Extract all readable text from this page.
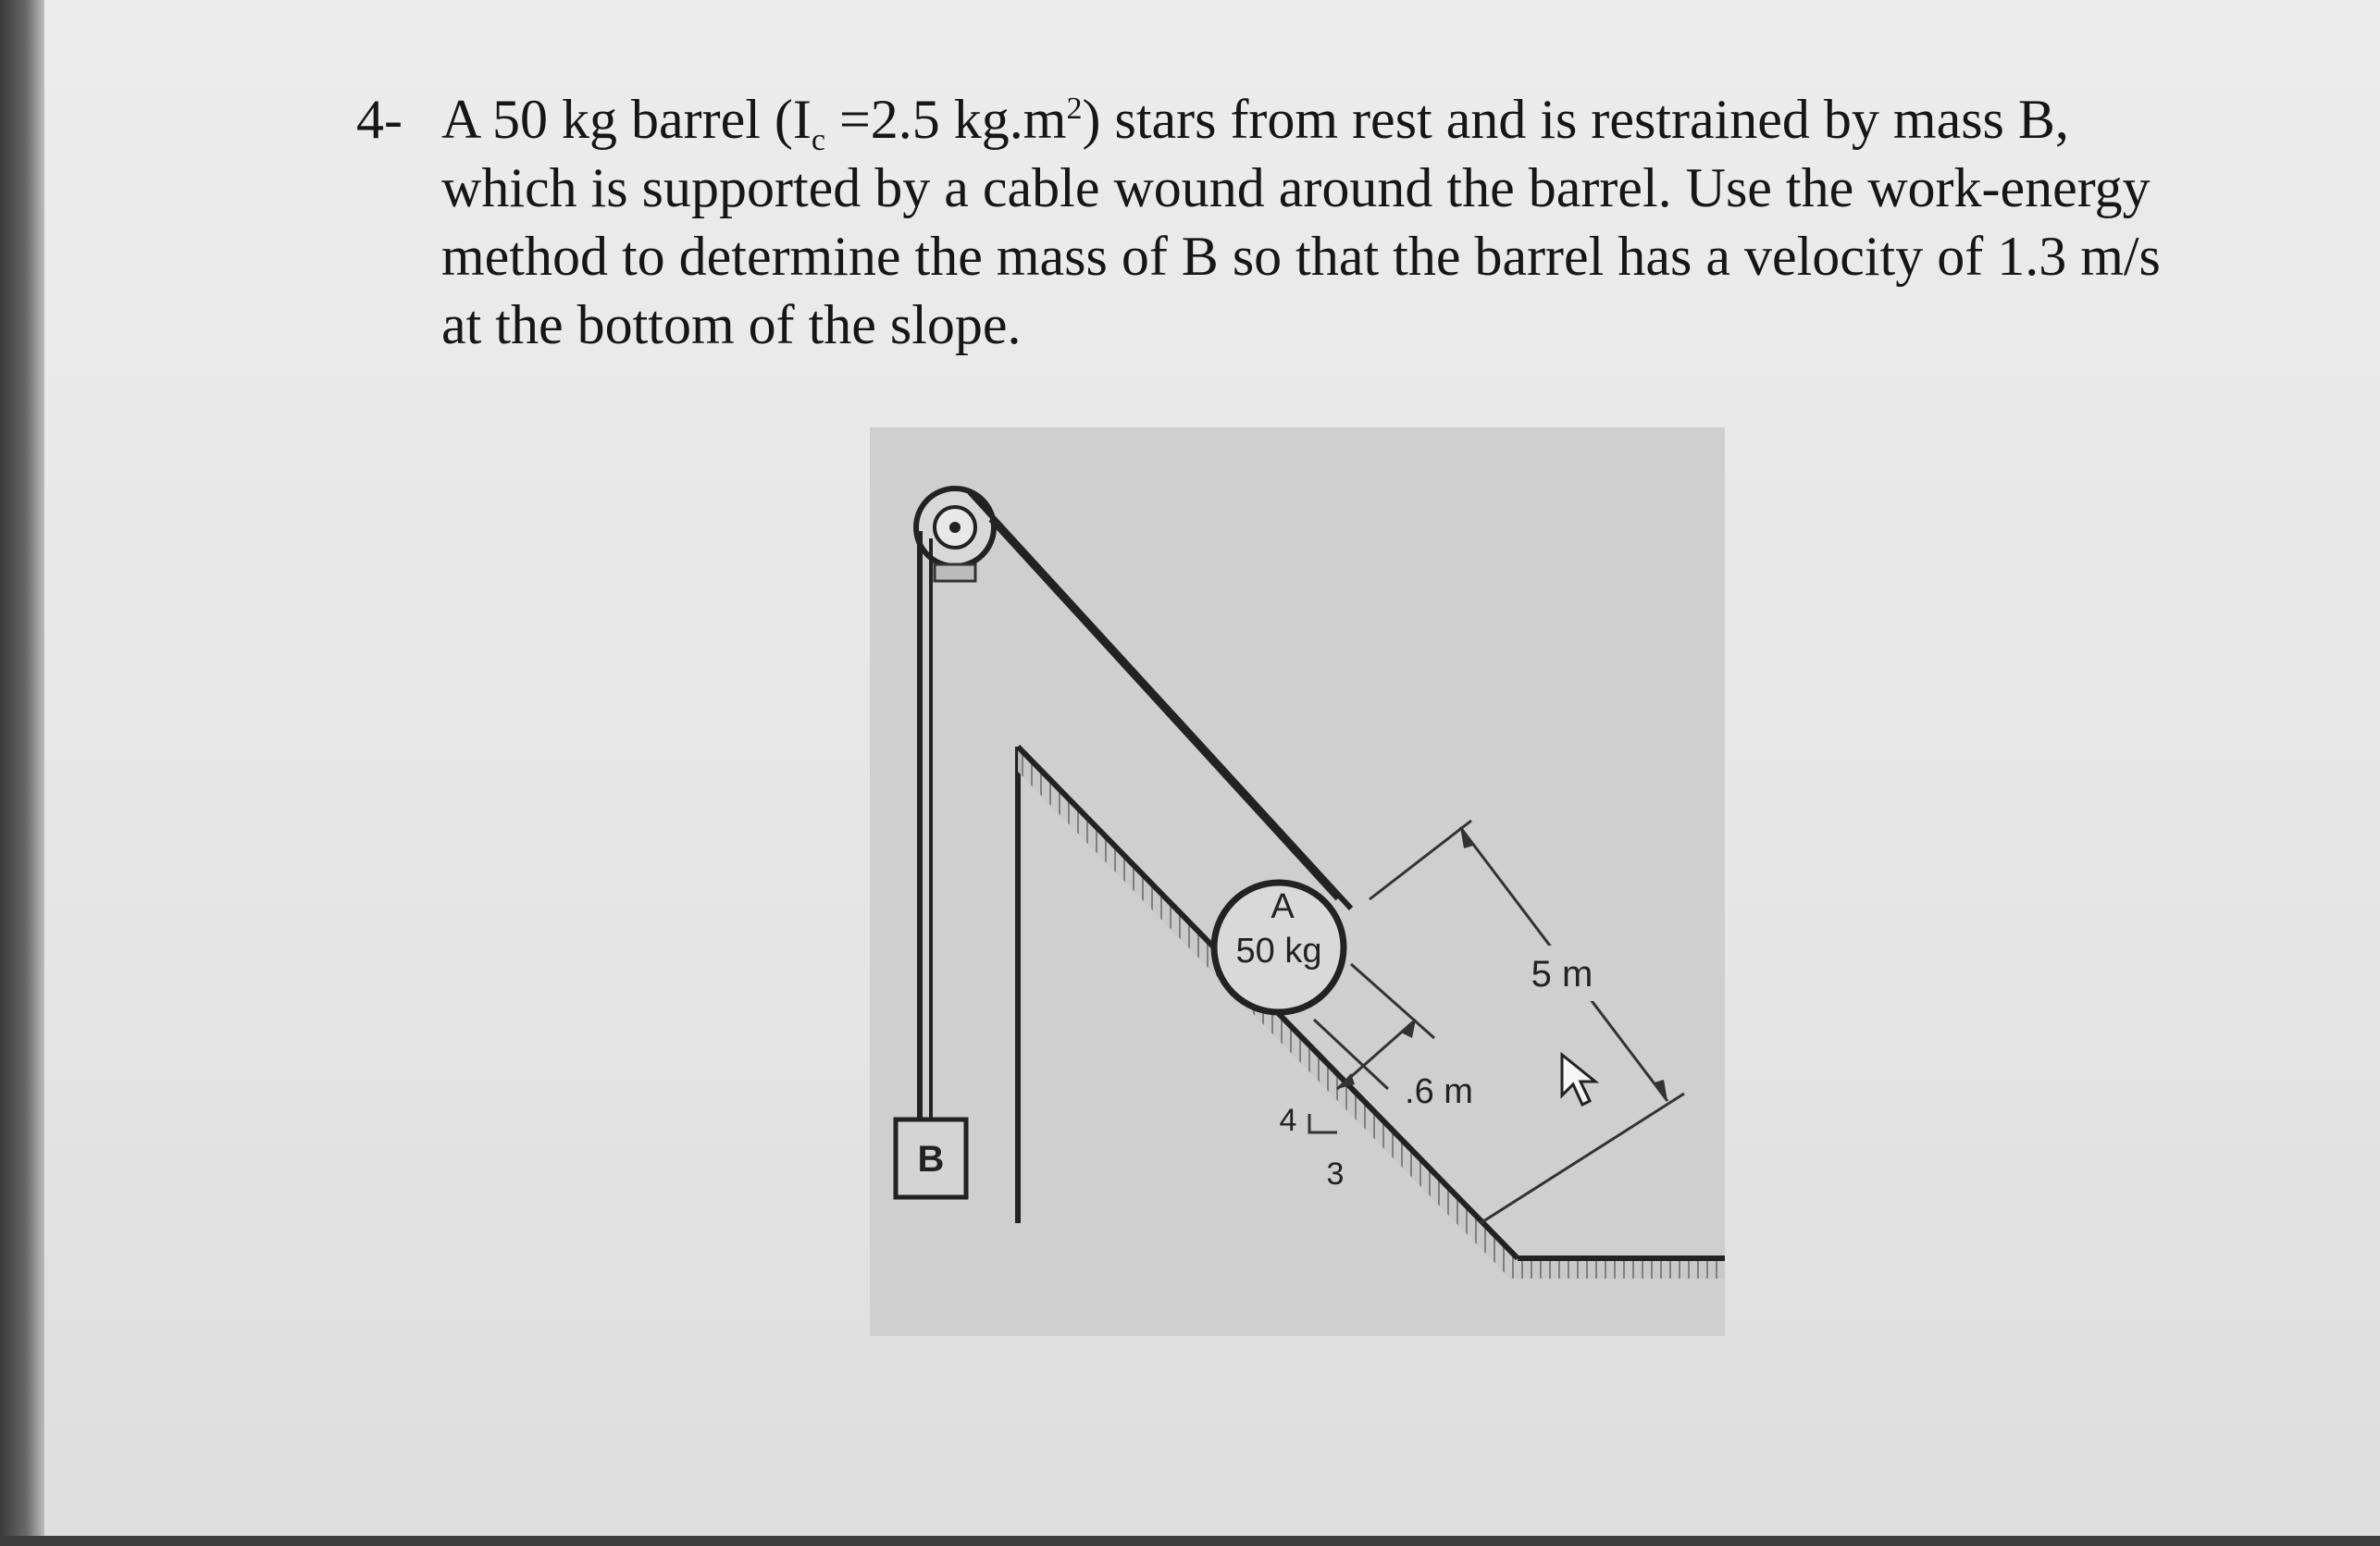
4- A 50 kg barrel ($I_c =2.5$ $kg.m^2$) stars from rest and is restrained by mass B,
which is supported by a cable wound around the barrel. Use the work-energy
method to determine the mass of B so that the barrel has a velocity of 1.3 m/s
at the bottom of the slope.
B
A
50 kg
.6 m
5 m
4
3
